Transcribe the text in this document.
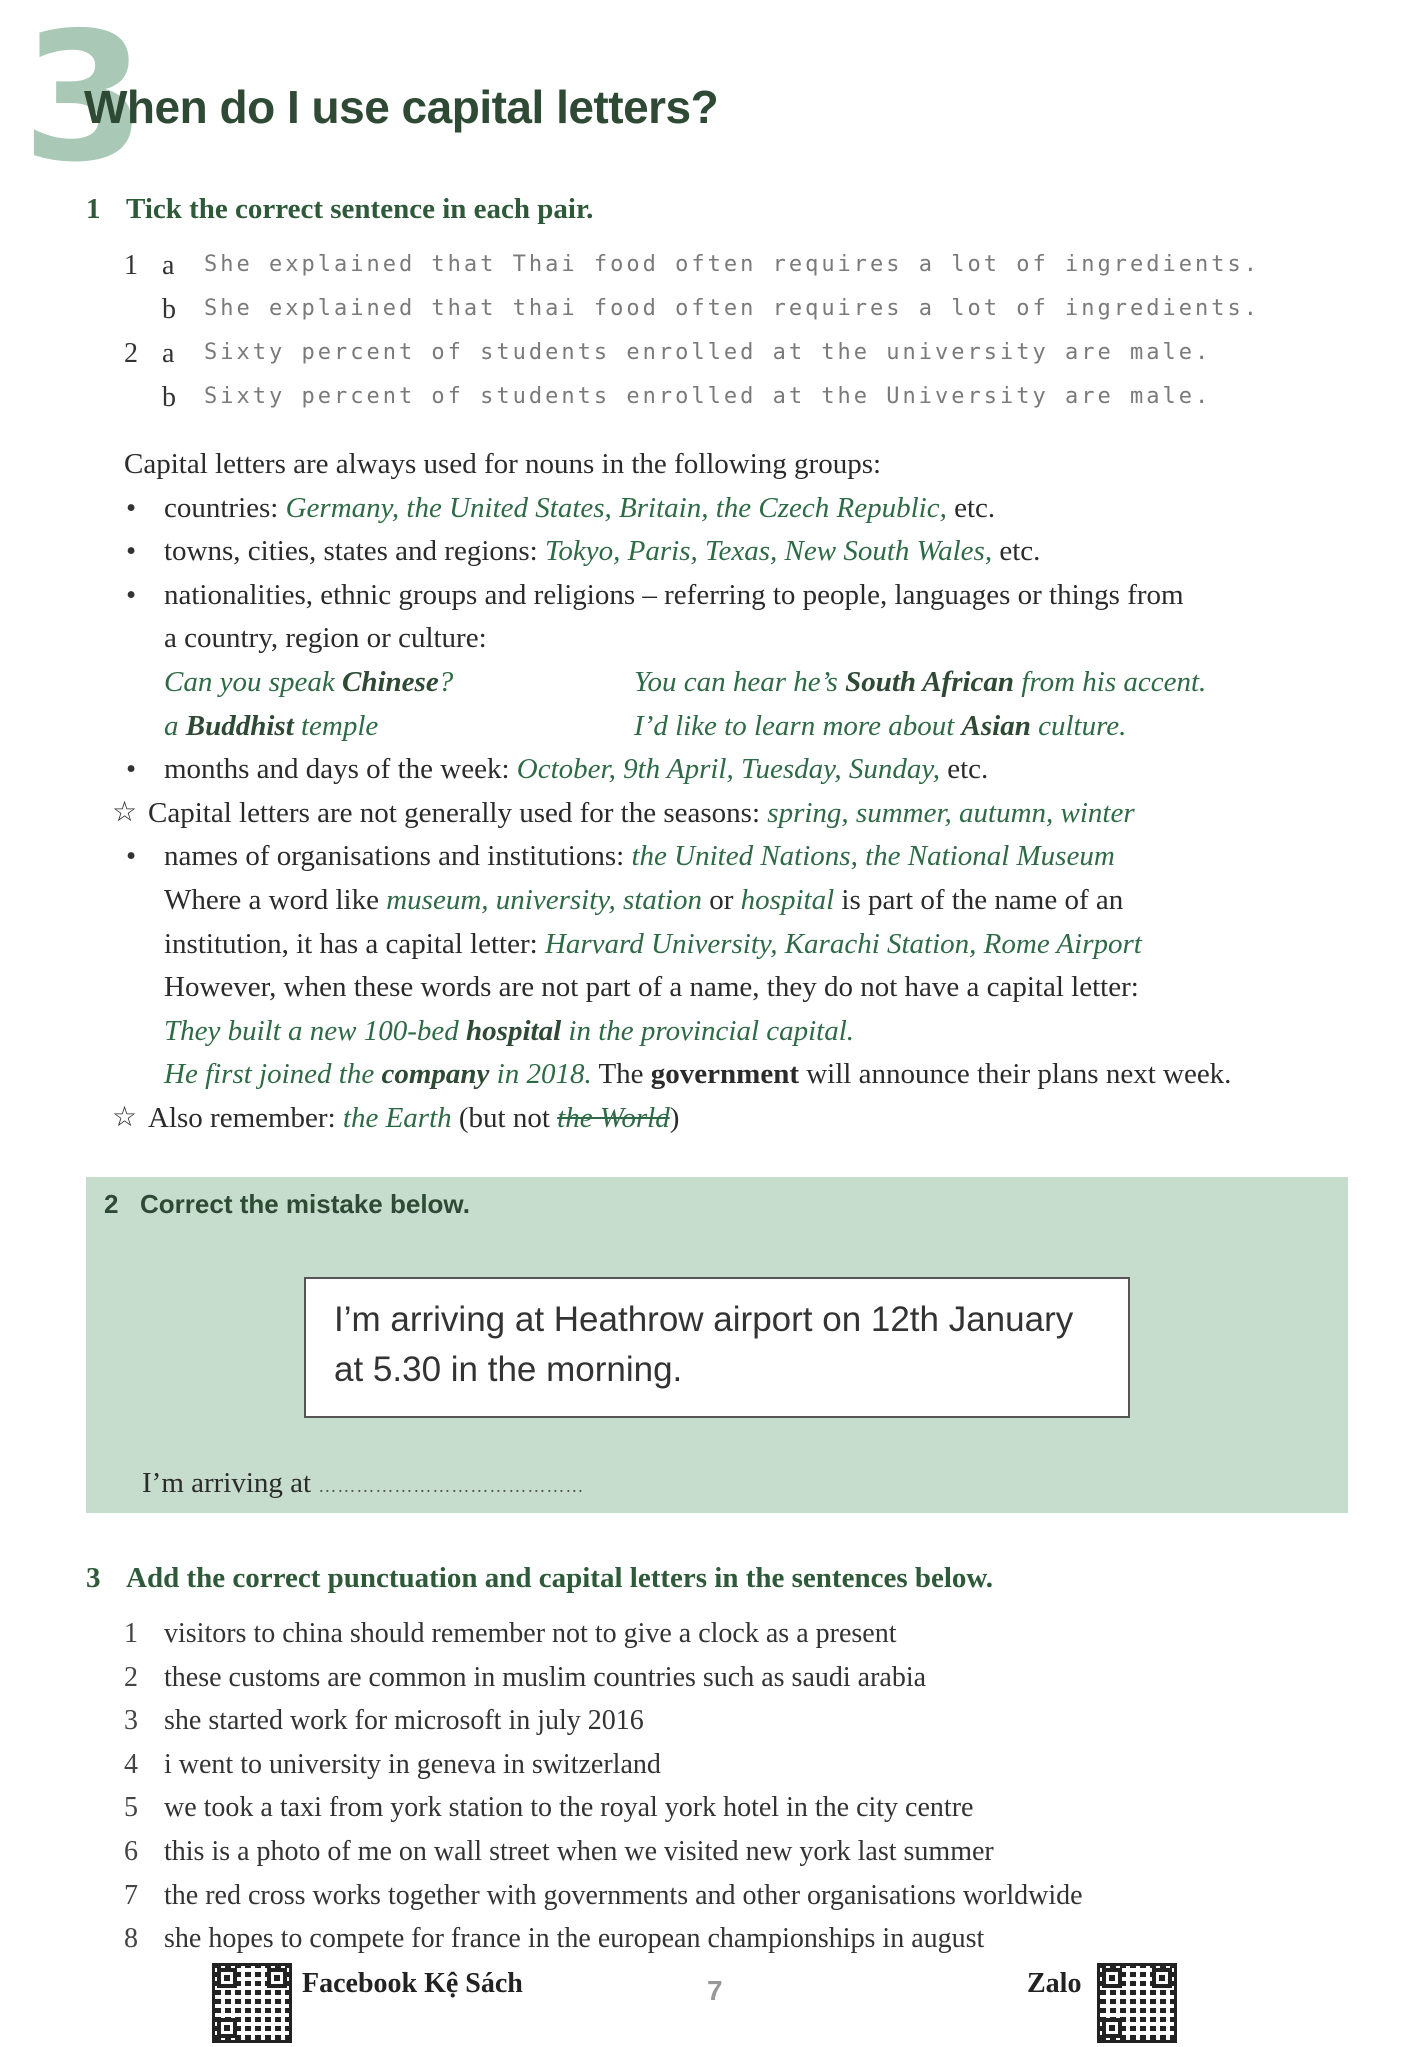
3
When do I use capital letters?
1 Tick the correct sentence in each pair.
1 a She explained that Thai food often requires a lot of ingredients.
b She explained that thai food often requires a lot of ingredients.
2 a Sixty percent of students enrolled at the university are male.
b Sixty percent of students enrolled at the University are male.

Capital letters are always used for nouns in the following groups:

• countries: Germany, the United States, Britain, the Czech Republic, etc.

• towns, cities, states and regions: Tokyo, Paris, Texas, New South Wales, etc.

• nationalities, ethnic groups and religions – referring to people, languages or things from

a country, region or culture:

Can you speak Chinese?	You can hear he’s South African from his accent.

a Buddhist temple	I’d like to learn more about Asian culture.

• months and days of the week: October, 9th April, Tuesday, Sunday, etc.

☆ Capital letters are not generally used for the seasons: spring, summer, autumn, winter

• names of organisations and institutions: the United Nations, the National Museum

Where a word like museum, university, station or hospital is part of the name of an

institution, it has a capital letter: Harvard University, Karachi Station, Rome Airport

However, when these words are not part of a name, they do not have a capital letter:

They built a new 100-bed hospital in the provincial capital.

He first joined the company in 2018. The government will announce their plans next week.

☆ Also remember: the Earth (but not the World)

2 Correct the mistake below.
I’m arriving at Heathrow airport on 12th January
at 5.30 in the morning.
I’m arriving at ……………………………………
3 Add the correct punctuation and capital letters in the sentences below.
1 visitors to china should remember not to give a clock as a present
2 these customs are common in muslim countries such as saudi arabia
3 she started work for microsoft in july 2016
4 i went to university in geneva in switzerland
5 we took a taxi from york station to the royal york hotel in the city centre
6 this is a photo of me on wall street when we visited new york last summer
7 the red cross works together with governments and other organisations worldwide
8 she hopes to compete for france in the european championships in august
Facebook Kệ Sách	7	Zalo
